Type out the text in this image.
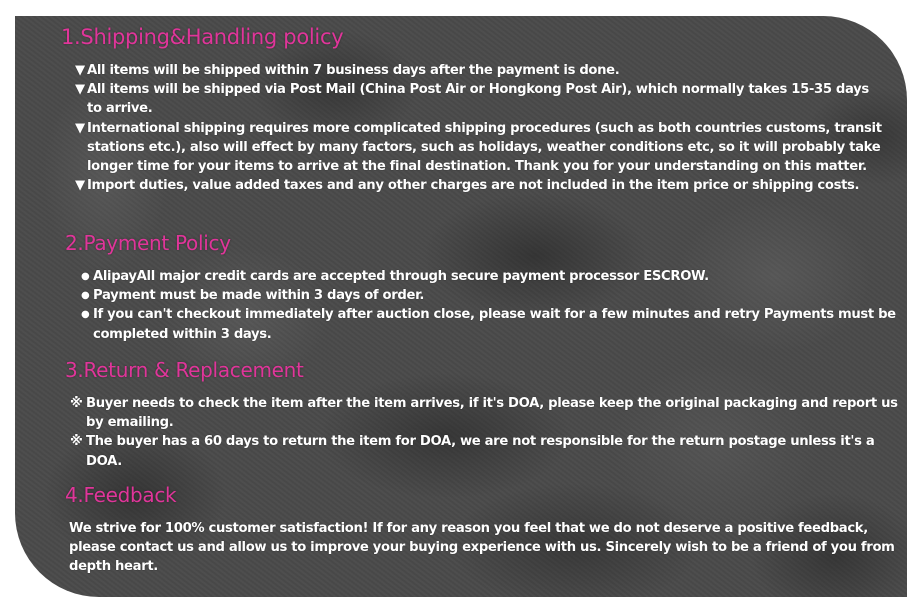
1.Shipping&Handling policy
▼ All items will be shipped within 7 business days after the payment is done.
▼ All items will be shipped via Post Mail (China Post Air or Hongkong Post Air), which normally takes 15-35 days to arrive.
▼ International shipping requires more complicated shipping procedures (such as both countries customs, transit stations etc.), also will effect by many factors, such as holidays, weather conditions etc, so it will probably take longer time for your items to arrive at the final destination. Thank you for your understanding on this matter.
▼ Import duties, value added taxes and any other charges are not included in the item price or shipping costs.
2.Payment Policy
● AlipayAll major credit cards are accepted through secure payment processor ESCROW.
● Payment must be made within 3 days of order.
● If you can't checkout immediately after auction close, please wait for a few minutes and retry Payments must be completed within 3 days.
3.Return & Replacement
※ Buyer needs to check the item after the item arrives, if it's DOA, please keep the original packaging and report us by emailing.
※ The buyer has a 60 days to return the item for DOA, we are not responsible for the return postage unless it's a DOA.
4.Feedback
We strive for 100% customer satisfaction! If for any reason you feel that we do not deserve a positive feedback, please contact us and allow us to improve your buying experience with us. Sincerely wish to be a friend of you from depth heart.
